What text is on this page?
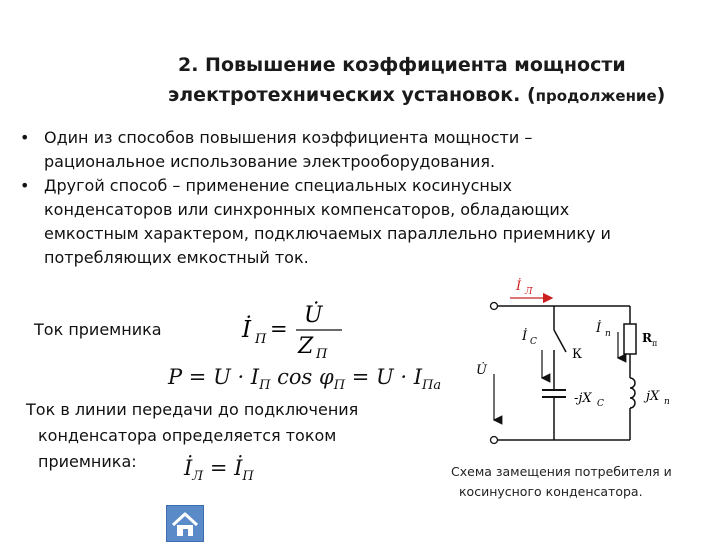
2. Повышение коэффициента мощности
электротехнических установок. (продолжение)
• Один из способов повышения коэффициента мощности –
рациональное использование электрооборудования.
• Другой способ – применение специальных косинусных
конденсаторов или синхронных компенсаторов, обладающих
емкостным характером, подключаемых параллельно приемнику и
потребляющих емкостный ток.
Ток приемника
Ток в линии передачи до подключения
конденсатора определяется током
приемника:
İ П =
U̇
Z П
$P = U \cdot I_П$ $\cos \varphi_П = U \cdot I_{Па}$
$İ_Л$ = $İ_П$
İ Л
К
-jX C
İ С
U̇
R п
jX п
İ п
Схема замещения потребителя и
косинусного конденсатора.
